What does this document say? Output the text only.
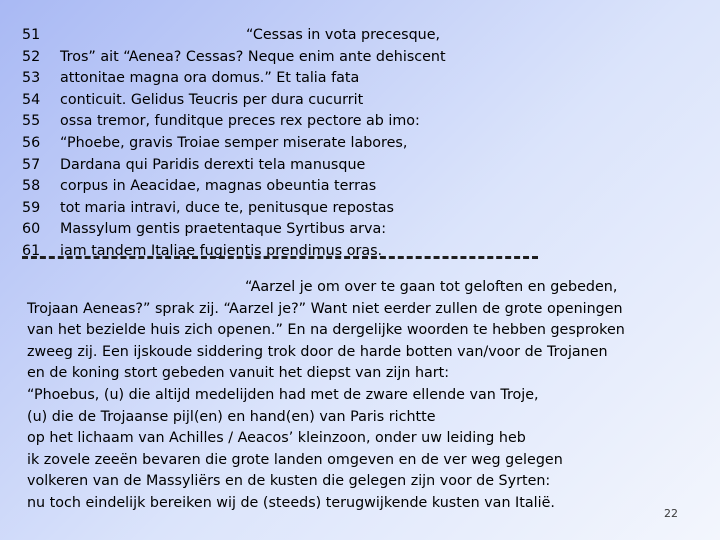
51	“Cessas in vota precesque,
52	Tros” ait “Aenea? Cessas? Neque enim ante dehiscent
53	attonitae magna ora domus.” Et talia fata
54	conticuit. Gelidus Teucris per dura cucurrit
55	ossa tremor, funditque preces rex pectore ab imo:
56	“Phoebe, gravis Troiae semper miserate labores,
57	Dardana qui Paridis derexti tela manusque
58	corpus in Aeacidae, magnas obeuntia terras
59	tot maria intravi, duce te, penitusque repostas
60	Massylum gentis praetentaque Syrtibus arva:
61	iam tandem Italiae fugientis prendimus oras.
“Aarzel je om over te gaan tot geloften en gebeden,
Trojaan Aeneas?” sprak zij. “Aarzel je?” Want niet eerder zullen de grote openingen
van het bezielde huis zich openen.” En na dergelijke woorden te hebben gesproken
zweeg zij. Een ijskoude siddering trok door de harde botten van/voor de Trojanen
en de koning stort gebeden vanuit het diepst van zijn hart:
“Phoebus, (u) die altijd medelijden had met de zware ellende van Troje,
(u) die de Trojaanse pijl(en) en hand(en) van Paris richtte
op het lichaam van Achilles / Aeacos’ kleinzoon, onder uw leiding heb
ik zovele zeeën bevaren die grote landen omgeven en de ver weg gelegen
volkeren van de Massyliërs en de kusten die gelegen zijn voor de Syrten:
nu toch eindelijk bereiken wij de (steeds) terugwijkende kusten van Italië.
22
